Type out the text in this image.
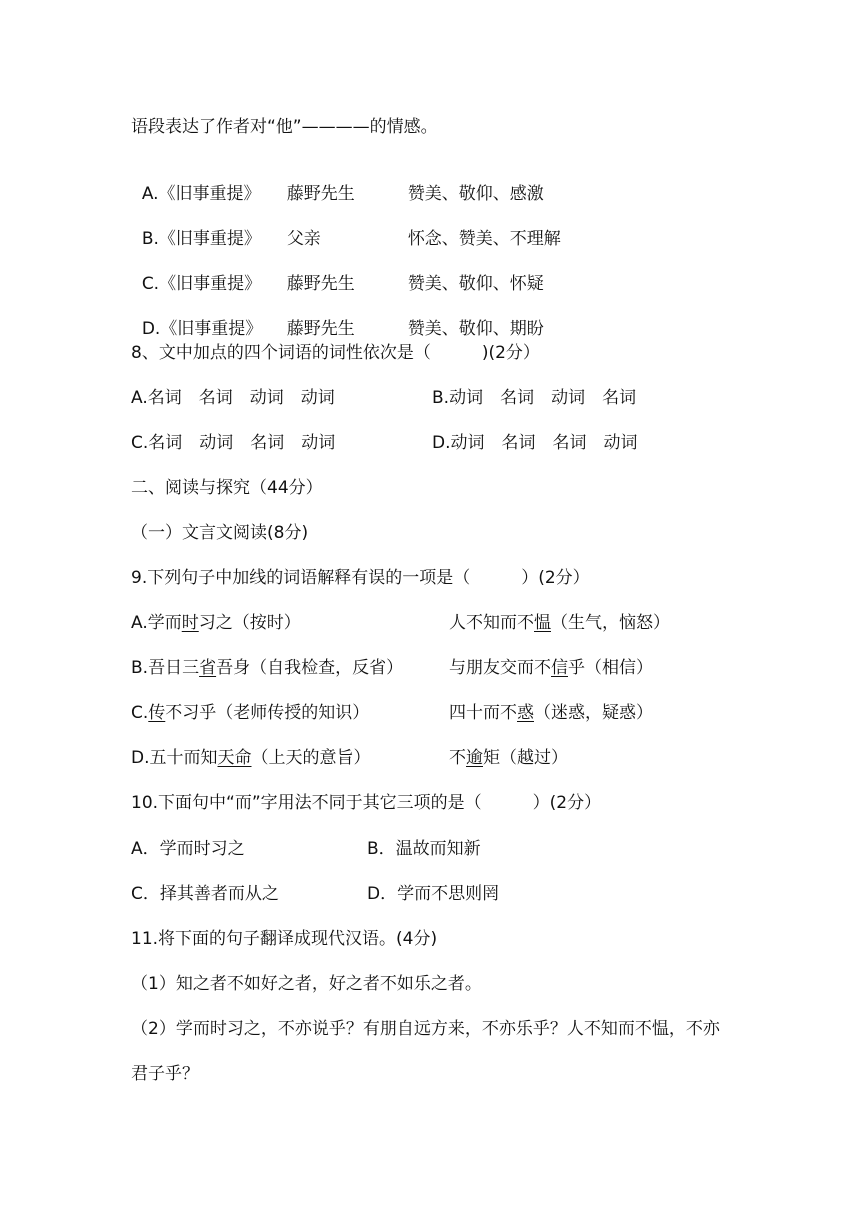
语段表达了作者对“他”————的情感。

A.《旧事重提》 藤野先生	赞美、敬仰、感激

B.《旧事重提》 父亲	怀念、赞美、不理解

C.《旧事重提》 藤野先生	赞美、敬仰、怀疑

D.《旧事重提》 藤野先生	赞美、敬仰、期盼

8、文中加点的四个词语的词性依次是（　　　)(2分）
A.名词　名词　动词　动词	B.动词　名词　动词　名词
C.名词　动词　名词　动词	D.动词　名词　名词　动词
二、阅读与探究（44分）
（一）文言文阅读(8分)
9.下列句子中加线的词语解释有误的一项是（　　　）(2分）
A.学而时习之（按时）	人不知而不愠（生气，恼怒）
B.吾日三省吾身（自我检查，反省）	与朋友交而不信乎（相信）
C.传不习乎（老师传授的知识）	四十而不惑（迷惑，疑惑）
D.五十而知天命（上天的意旨）	不逾矩（越过）
10.下面句中“而”字用法不同于其它三项的是（　　　）(2分）
A．学而时习之	B．温故而知新
C．择其善者而从之	D．学而不思则罔
11.将下面的句子翻译成现代汉语。(4分)
（1）知之者不如好之者，好之者不如乐之者。
（2）学而时习之，不亦说乎？有朋自远方来，不亦乐乎？人不知而不愠，不亦
君子乎？
